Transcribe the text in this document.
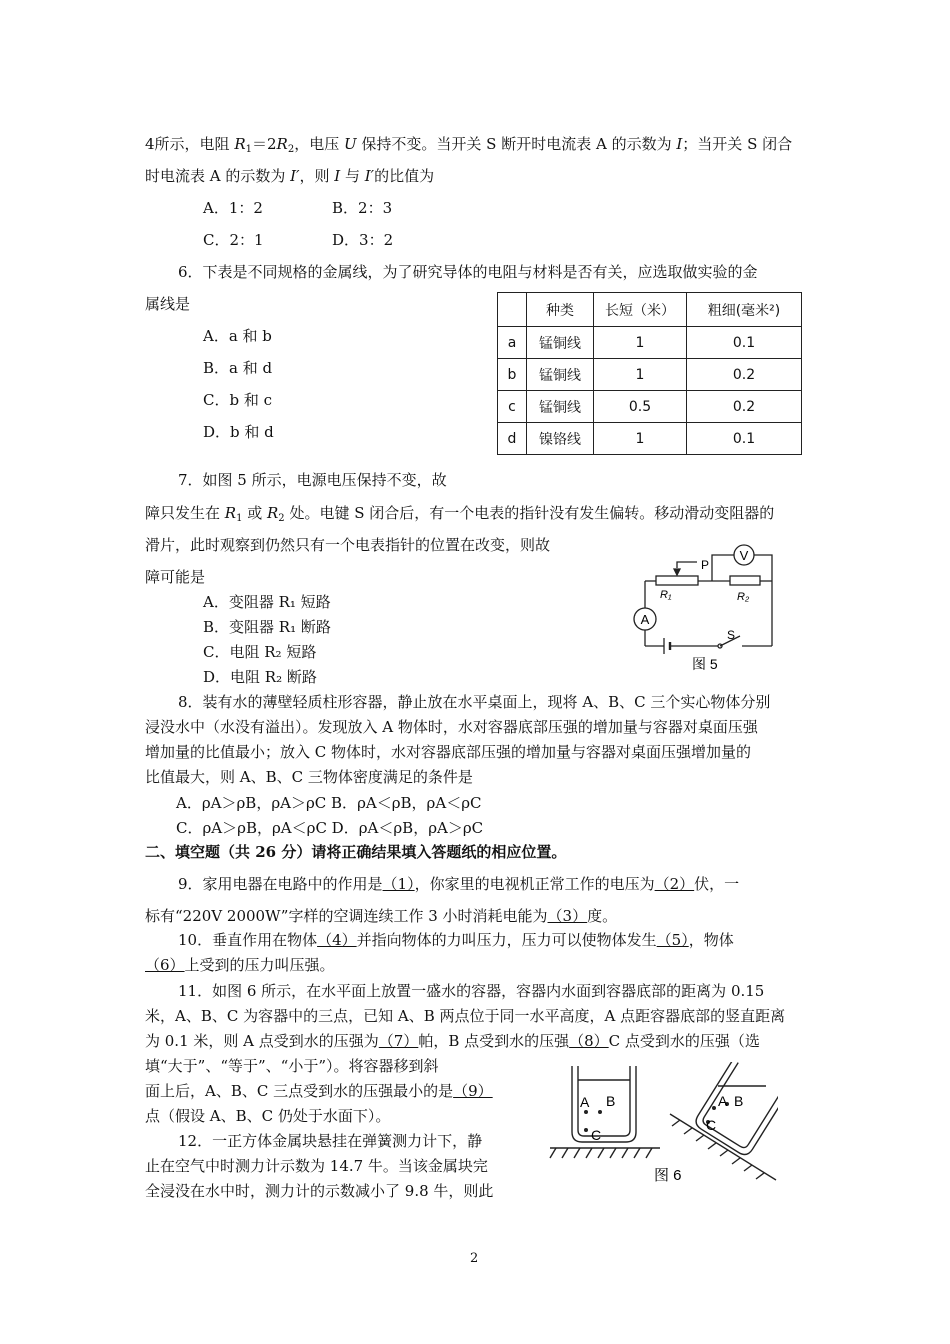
4所示，电阻 $R_1=2R_2$，电压 U 保持不变。当开关 S 断开时电流表 A 的示数为 I；当开关 S 闭合
时电流表 A 的示数为 I′，则 I 与 I′的比值为
A．1：2	B．2：3
C．2：1	D．3：2
6．下表是不同规格的金属线，为了研究导体的电阻与材料是否有关，应选取做实验的金
属线是
A．a 和 b
B．a 和 d
C．b 和 c
D．b 和 d
	种类	长短（米）	粗细(毫米²)
a	锰铜线	1	0.1
b	锰铜线	1	0.2
c	锰铜线	0.5	0.2
d	镍铬线	1	0.1
7．如图 5 所示，电源电压保持不变，故
障只发生在 $R_1$ 或 $R_2$ 处。电键 S 闭合后，有一个电表的指针没有发生偏转。移动滑动变阻器的
滑片，此时观察到仍然只有一个电表指针的位置在改变，则故
障可能是
A．变阻器 R₁ 短路
B．变阻器 R₁ 断路
C．电阻 R₂ 短路
D．电阻 R₂ 断路
V
A
P
R₁	R₂
S
图 5
8．装有水的薄壁轻质柱形容器，静止放在水平桌面上，现将 A、B、C 三个实心物体分别
浸没水中（水没有溢出）。发现放入 A 物体时，水对容器底部压强的增加量与容器对桌面压强
增加量的比值最小；放入 C 物体时，水对容器底部压强的增加量与容器对桌面压强增加量的
比值最大，则 A、B、C 三物体密度满足的条件是
A．ρA＞ρB，ρA＞ρC B．ρA＜ρB，ρA＜ρC
C．ρA＞ρB，ρA＜ρC D．ρA＜ρB，ρA＞ρC
二、填空题（共 26 分）请将正确结果填入答题纸的相应位置。
9．家用电器在电路中的作用是（1），你家里的电视机正常工作的电压为（2）伏，一
标有“220V 2000W”字样的空调连续工作 3 小时消耗电能为（3）度。
10．垂直作用在物体（4）并指向物体的力叫压力，压力可以使物体发生（5），物体
（6）上受到的压力叫压强。
11．如图 6 所示，在水平面上放置一盛水的容器，容器内水面到容器底部的距离为 0.15
米，A、B、C 为容器中的三点，已知 A、B 两点位于同一水平高度，A 点距容器底部的竖直距离
为 0.1 米，则 A 点受到水的压强为（7）帕，B 点受到水的压强（8）C 点受到水的压强（选
填“大于”、“等于”、“小于”）。将容器移到斜
面上后，A、B、C 三点受到水的压强最小的是（9）
点（假设 A、B、C 仍处于水面下）。
A B
C
A B
C
图 6
12．一正方体金属块悬挂在弹簧测力计下，静
止在空气中时测力计示数为 14.7 牛。当该金属块完
全浸没在水中时，测力计的示数减小了 9.8 牛，则此
2
